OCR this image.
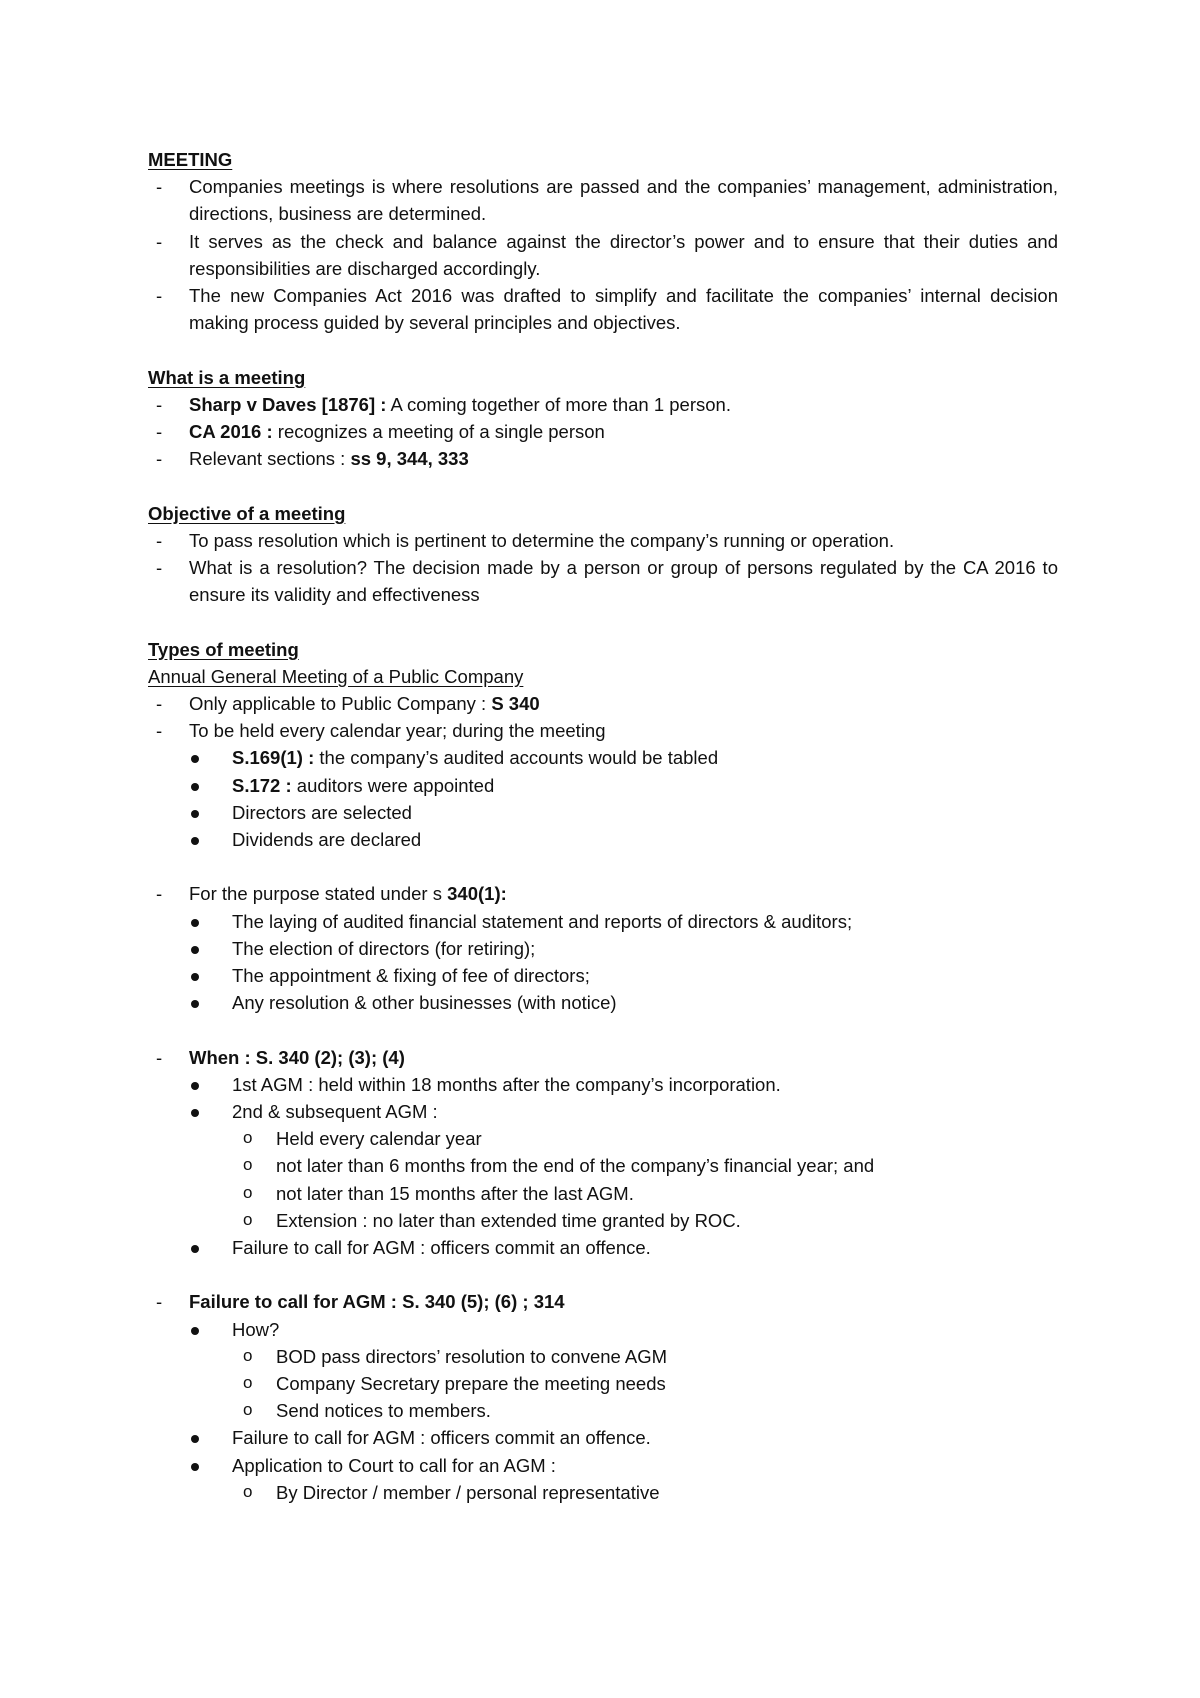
MEETING
- Companies meetings is where resolutions are passed and the companies’ management, administration, directions, business are determined.
- It serves as the check and balance against the director’s power and to ensure that their duties and responsibilities are discharged accordingly.
- The new Companies Act 2016 was drafted to simplify and facilitate the companies’ internal decision making process guided by several principles and objectives.
What is a meeting
- Sharp v Daves [1876] : A coming together of more than 1 person.
- CA 2016 : recognizes a meeting of a single person
- Relevant sections : ss 9, 344, 333
Objective of a meeting
- To pass resolution which is pertinent to determine the company’s running or operation.
- What is a resolution? The decision made by a person or group of persons regulated by the CA 2016 to ensure its validity and effectiveness
Types of meeting
Annual General Meeting of a Public Company
- Only applicable to Public Company : S 340
- To be held every calendar year; during the meeting
S.169(1) : the company’s audited accounts would be tabled
S.172 : auditors were appointed
Directors are selected
Dividends are declared
- For the purpose stated under s 340(1):
The laying of audited financial statement and reports of directors & auditors;
The election of directors (for retiring);
The appointment & fixing of fee of directors;
Any resolution & other businesses (with notice)
- When : S. 340 (2); (3); (4)
1st AGM : held within 18 months after the company’s incorporation.
2nd & subsequent AGM :
o Held every calendar year
o not later than 6 months from the end of the company’s financial year; and
o not later than 15 months after the last AGM.
o Extension : no later than extended time granted by ROC.
Failure to call for AGM : officers commit an offence.
- Failure to call for AGM : S. 340 (5); (6) ; 314
How?
o BOD pass directors’ resolution to convene AGM
o Company Secretary prepare the meeting needs
o Send notices to members.
Failure to call for AGM : officers commit an offence.
Application to Court to call for an AGM :
o By Director / member / personal representative
